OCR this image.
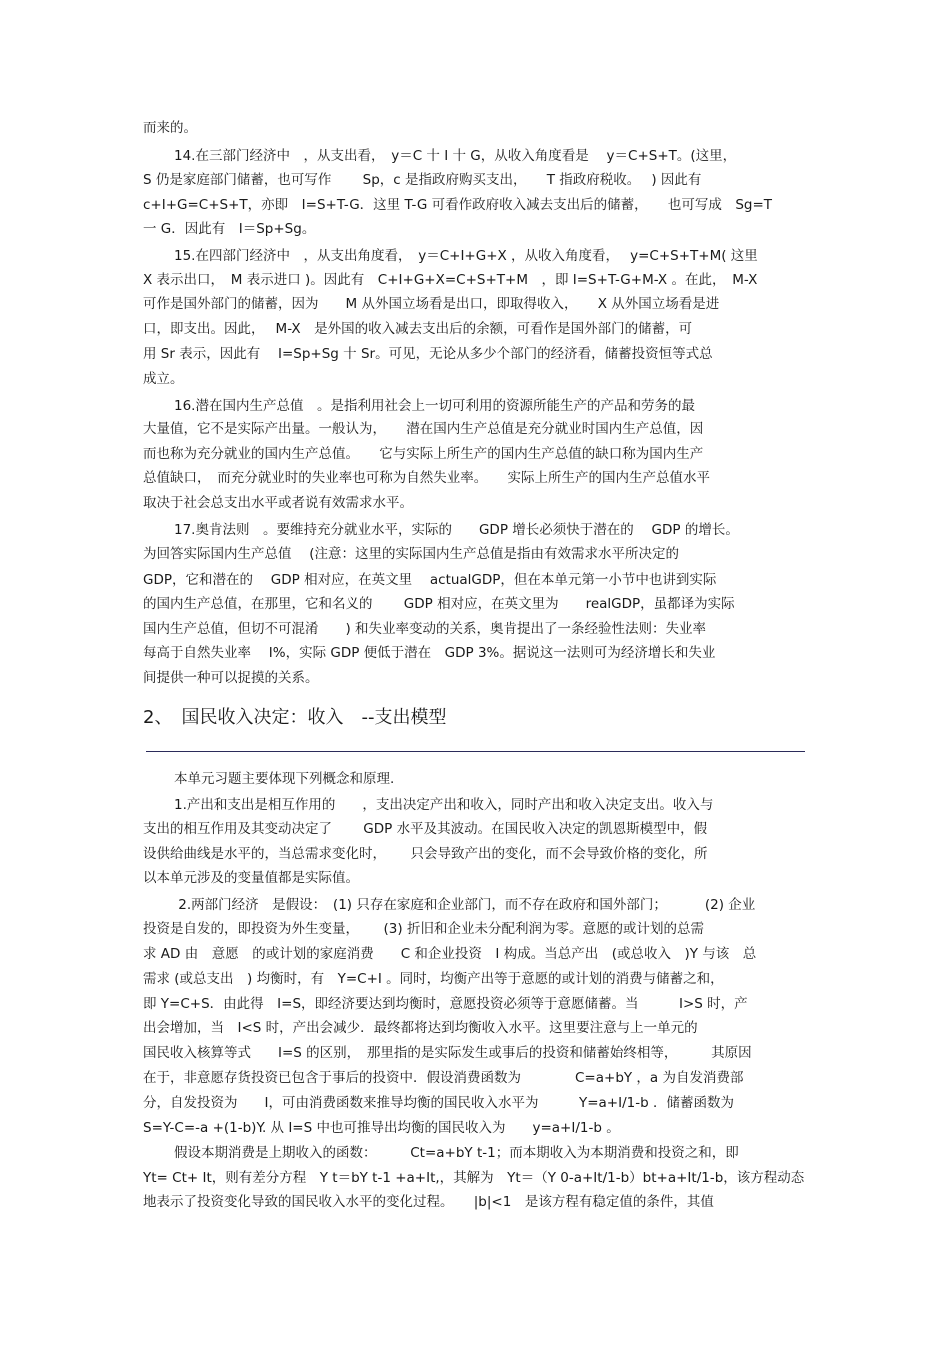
而来的。
14.在三部门经济中　，从支出看，　y＝C 十 I 十 G，从收入角度看是　 y＝C+S+T。(这里，
S 仍是家庭部门储蓄，也可写作　　 Sp，c 是指政府购买支出，　　T 指政府税收。　 ) 因此有
c+I+G=C+S+T，亦即　I=S+T-G．这里 T-G 可看作政府收入减去支出后的储蓄，　　也可写成　Sg=T
一 G．因此有　I＝Sp+Sg。
15.在四部门经济中　，从支出角度看，　y＝C+I+G+X ，从收入角度看，　 y=C+S+T+M( 这里
X 表示出口，　M 表示进口 )。因此有　C+I+G+X=C+S+T+M　，即 I=S+T-G+M-X 。在此，　M-X
可作是国外部门的储蓄，因为　　M 从外国立场看是出口，即取得收入，　　X 从外国立场看是进
口，即支出。因此，　 M-X　是外国的收入减去支出后的余额，可看作是国外部门的储蓄，可
用 Sr 表示，因此有　 I=Sp+Sg 十 Sr。可见，无论从多少个部门的经济看，储蓄投资恒等式总
成立。
16.潜在国内生产总值　。是指利用社会上一切可利用的资源所能生产的产品和劳务的最
大量值，它不是实际产出量。一般认为，　　潜在国内生产总值是充分就业时国内生产总值，因
而也称为充分就业的国内生产总值。　　它与实际上所生产的国内生产总值的缺口称为国内生产
总值缺口，　而充分就业时的失业率也可称为自然失业率。　　实际上所生产的国内生产总值水平
取决于社会总支出水平或者说有效需求水平。
17.奥肯法则　。要维持充分就业水平，实际的　　GDP 增长必须快于潜在的　 GDP 的增长。
为回答实际国内生产总值　 (注意：这里的实际国内生产总值是指由有效需求水平所决定的
GDP，它和潜在的　 GDP 相对应，在英文里　 actualGDP，但在本单元第一小节中也讲到实际
的国内生产总值，在那里，它和名义的　　 GDP 相对应，在英文里为　　realGDP，虽都译为实际
国内生产总值，但切不可混淆　　) 和失业率变动的关系，奥肯提出了一条经验性法则：失业率
每高于自然失业率　 I%，实际 GDP 便低于潜在　GDP 3%。据说这一法则可为经济增长和失业
间提供一种可以捉摸的关系。
2、　国民收入决定：收入　--支出模型
本单元习题主要体现下列概念和原理.
1.产出和支出是相互作用的　　，支出决定产出和收入，同时产出和收入决定支出。收入与
支出的相互作用及其变动决定了　　 GDP 水平及其波动。在国民收入决定的凯恩斯模型中，假
设供给曲线是水平的，当总需求变化时，　　 只会导致产出的变化，而不会导致价格的变化，所
以本单元涉及的变量值都是实际值。
2.两部门经济　是假设：　(1) 只存在家庭和企业部门，而不存在政府和国外部门；　　　 (2) 企业
投资是自发的，即投资为外生变量，　　 (3) 折旧和企业未分配利润为零。意愿的或计划的总需
求 AD 由　意愿　的或计划的家庭消费　　C 和企业投资　I 构成。当总产出　(或总收入　)Y 与该　总
需求 (或总支出　) 均衡时，有　Y=C+I 。同时，均衡产出等于意愿的或计划的消费与储蓄之和，
即 Y=C+S．由此得　I=S，即经济要达到均衡时，意愿投资必须等于意愿储蓄。当　　　I>S 时，产
出会增加，当　I<S 时，产出会减少．最终都将达到均衡收入水平。这里要注意与上一单元的
国民收入核算等式　　I=S 的区别，　那里指的是实际发生或事后的投资和储蓄始终相等，　　　其原因
在于，非意愿存货投资已包含于事后的投资中．假设消费函数为　　　　C=a+bY ，a 为自发消费部
分，自发投资为　　I，可由消费函数来推导均衡的国民收入水平为　　　Y=a+I/1-b ．储蓄函数为
S=Y-C=-a +(1-b)Y. 从 I=S 中也可推导出均衡的国民收入为　　y=a+I/1-b 。
假设本期消费是上期收入的函数：　　　Ct=a+bY t-1；而本期收入为本期消费和投资之和，即
Yt= Ct+ It，则有差分方程　Y t＝bY t-1 +a+It,，其解为　Yt＝（Y 0-a+It/1-b）bt+a+It/1-b，该方程动态
地表示了投资变化导致的国民收入水平的变化过程。　　|b|<1　是该方程有稳定值的条件，其值
